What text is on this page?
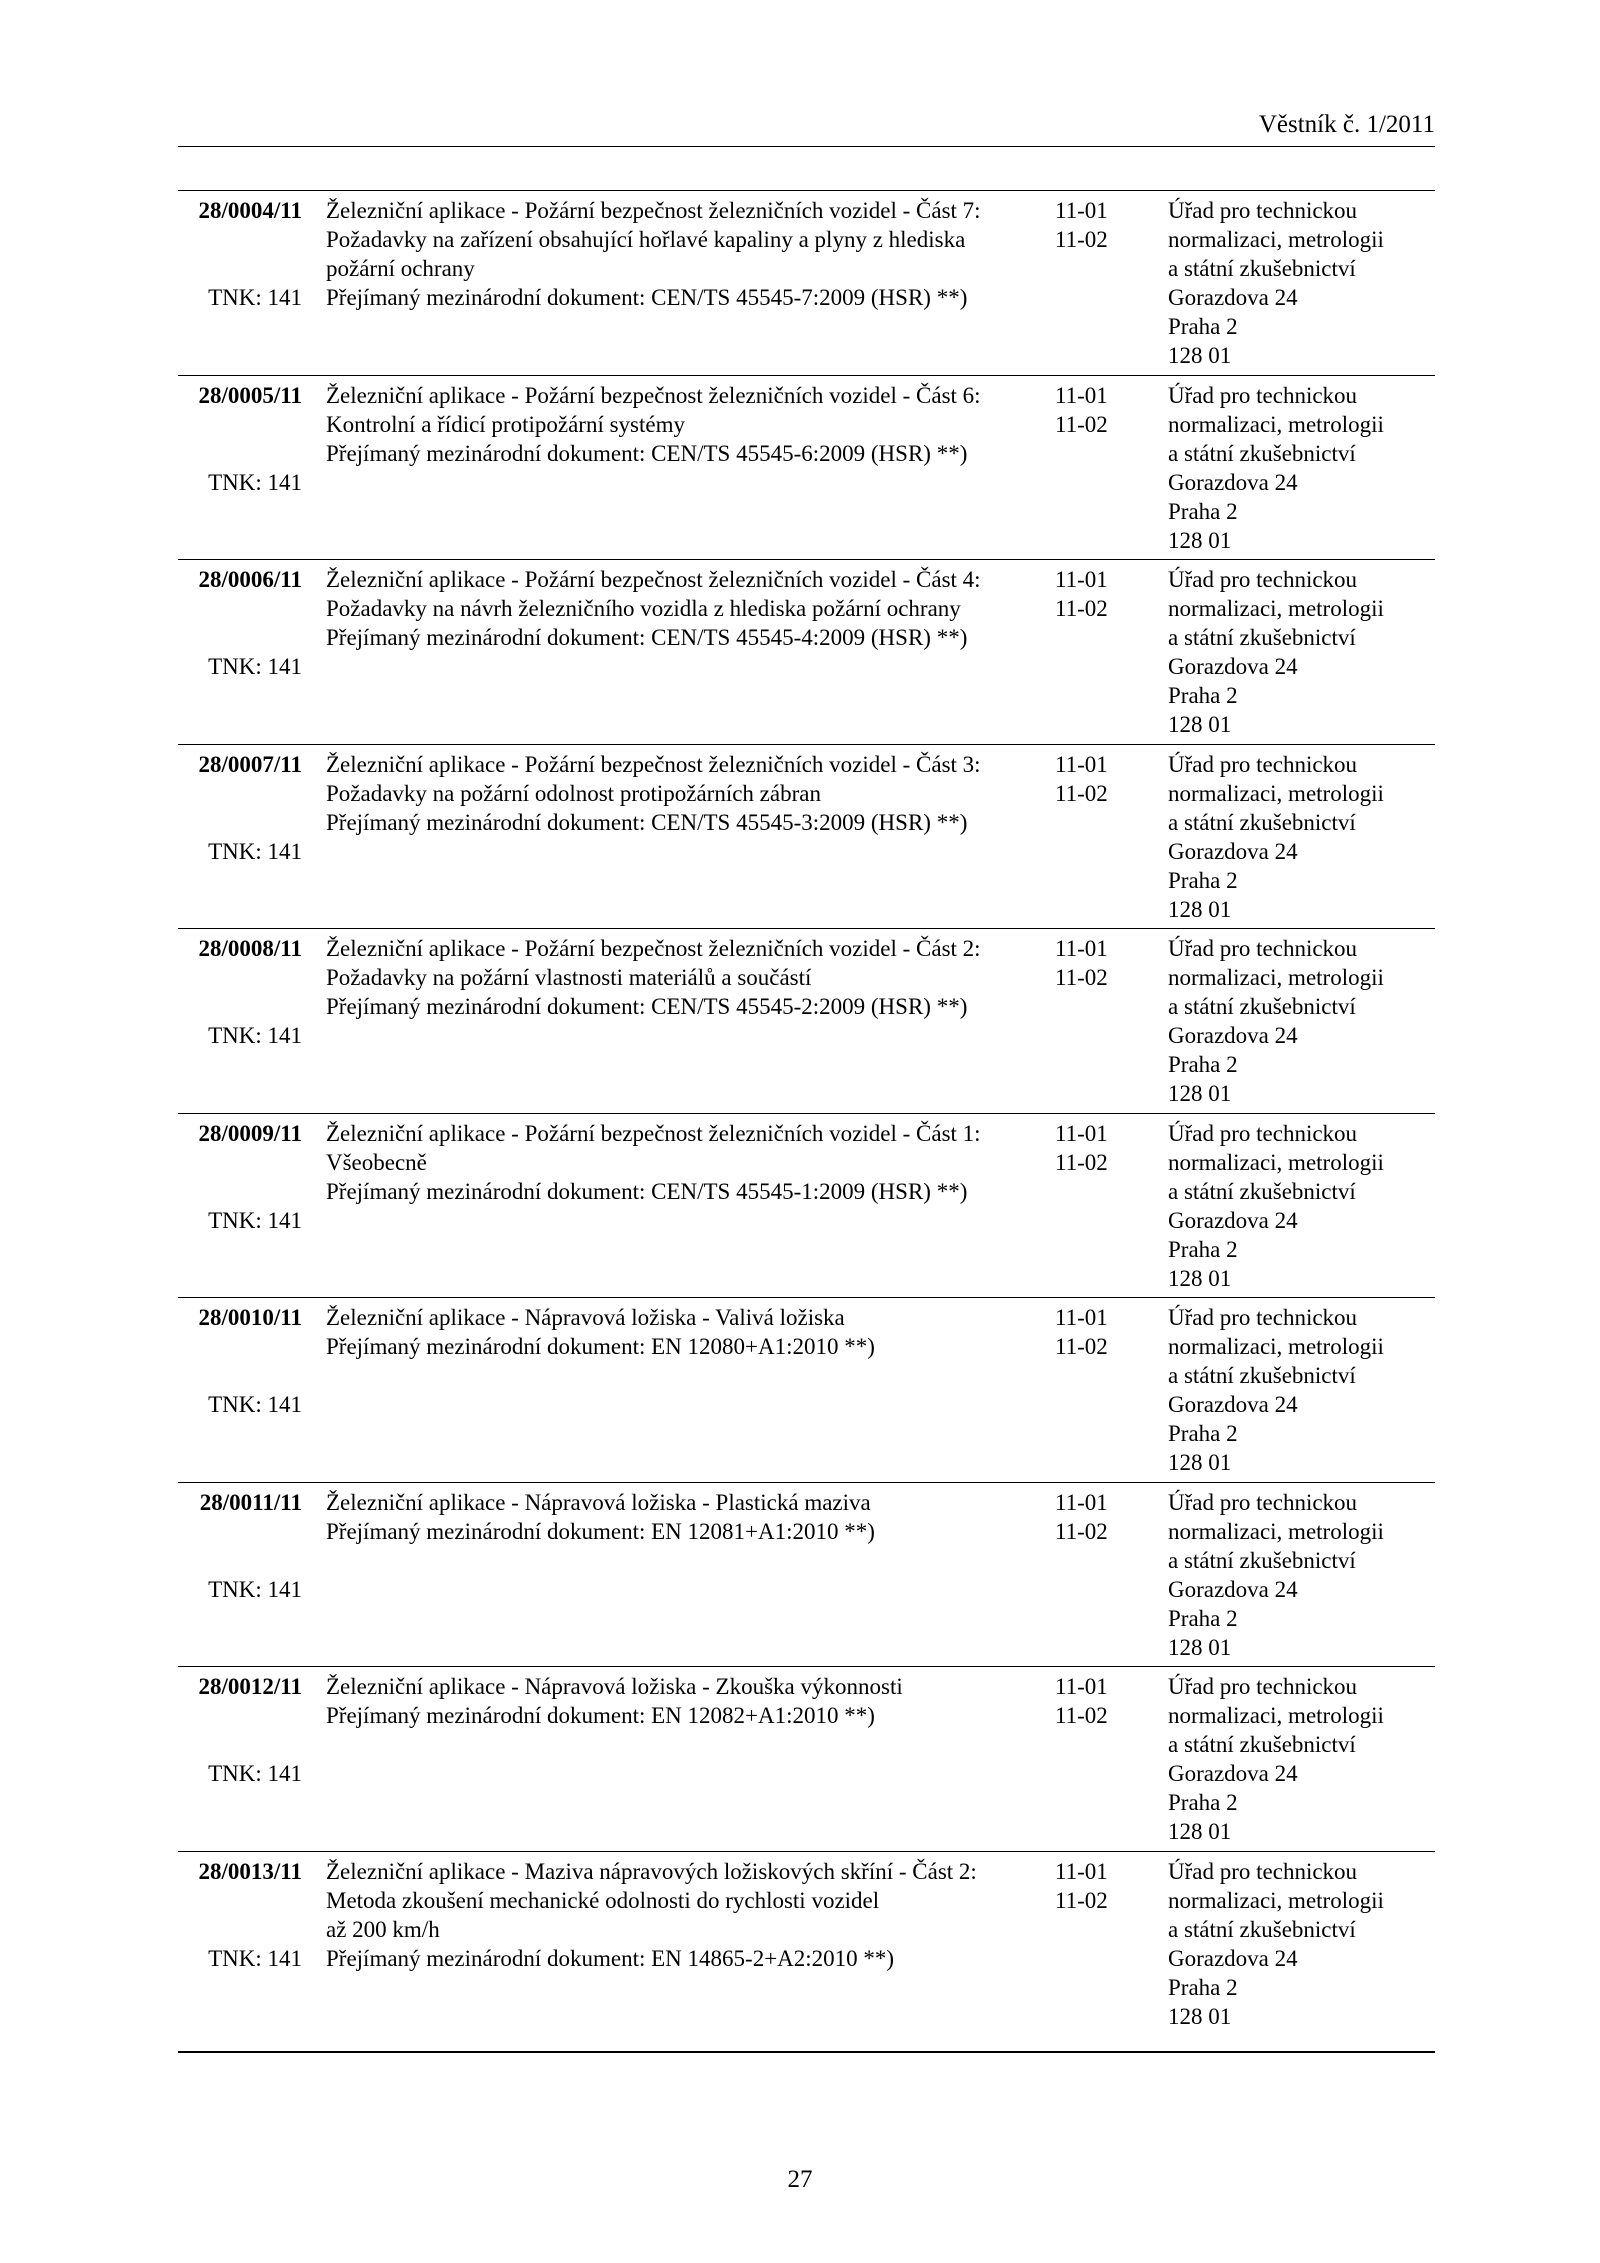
Věstník č. 1/2011
28/0004/11
TNK: 141
Železniční aplikace - Požární bezpečnost železničních vozidel - Část 7:
Požadavky na zařízení obsahující hořlavé kapaliny a plyny z hlediska
požární ochrany
Přejímaný mezinárodní dokument: CEN/TS 45545-7:2009 (HSR) **)
11-01
11-02
Úřad pro technickou
normalizaci, metrologii
a státní zkušebnictví
Gorazdova 24
Praha 2
128 01
28/0005/11
TNK: 141
Železniční aplikace - Požární bezpečnost železničních vozidel - Část 6:
Kontrolní a řídicí protipožární systémy
Přejímaný mezinárodní dokument: CEN/TS 45545-6:2009 (HSR) **)
11-01
11-02
Úřad pro technickou
normalizaci, metrologii
a státní zkušebnictví
Gorazdova 24
Praha 2
128 01
28/0006/11
TNK: 141
Železniční aplikace - Požární bezpečnost železničních vozidel - Část 4:
Požadavky na návrh železničního vozidla z hlediska požární ochrany
Přejímaný mezinárodní dokument: CEN/TS 45545-4:2009 (HSR) **)
11-01
11-02
Úřad pro technickou
normalizaci, metrologii
a státní zkušebnictví
Gorazdova 24
Praha 2
128 01
28/0007/11
TNK: 141
Železniční aplikace - Požární bezpečnost železničních vozidel - Část 3:
Požadavky na požární odolnost protipožárních zábran
Přejímaný mezinárodní dokument: CEN/TS 45545-3:2009 (HSR) **)
11-01
11-02
Úřad pro technickou
normalizaci, metrologii
a státní zkušebnictví
Gorazdova 24
Praha 2
128 01
28/0008/11
TNK: 141
Železniční aplikace - Požární bezpečnost železničních vozidel - Část 2:
Požadavky na požární vlastnosti materiálů a součástí
Přejímaný mezinárodní dokument: CEN/TS 45545-2:2009 (HSR) **)
11-01
11-02
Úřad pro technickou
normalizaci, metrologii
a státní zkušebnictví
Gorazdova 24
Praha 2
128 01
28/0009/11
TNK: 141
Železniční aplikace - Požární bezpečnost železničních vozidel - Část 1:
Všeobecně
Přejímaný mezinárodní dokument: CEN/TS 45545-1:2009 (HSR) **)
11-01
11-02
Úřad pro technickou
normalizaci, metrologii
a státní zkušebnictví
Gorazdova 24
Praha 2
128 01
28/0010/11
TNK: 141
Železniční aplikace - Nápravová ložiska - Valivá ložiska
Přejímaný mezinárodní dokument: EN 12080+A1:2010 **)
11-01
11-02
Úřad pro technickou
normalizaci, metrologii
a státní zkušebnictví
Gorazdova 24
Praha 2
128 01
28/0011/11
TNK: 141
Železniční aplikace - Nápravová ložiska - Plastická maziva
Přejímaný mezinárodní dokument: EN 12081+A1:2010 **)
11-01
11-02
Úřad pro technickou
normalizaci, metrologii
a státní zkušebnictví
Gorazdova 24
Praha 2
128 01
28/0012/11
TNK: 141
Železniční aplikace - Nápravová ložiska - Zkouška výkonnosti
Přejímaný mezinárodní dokument: EN 12082+A1:2010 **)
11-01
11-02
Úřad pro technickou
normalizaci, metrologii
a státní zkušebnictví
Gorazdova 24
Praha 2
128 01
28/0013/11
TNK: 141
Železniční aplikace - Maziva nápravových ložiskových skříní - Část 2:
Metoda zkoušení mechanické odolnosti do rychlosti vozidel
až 200 km/h
Přejímaný mezinárodní dokument: EN 14865-2+A2:2010 **)
11-01
11-02
Úřad pro technickou
normalizaci, metrologii
a státní zkušebnictví
Gorazdova 24
Praha 2
128 01
27
